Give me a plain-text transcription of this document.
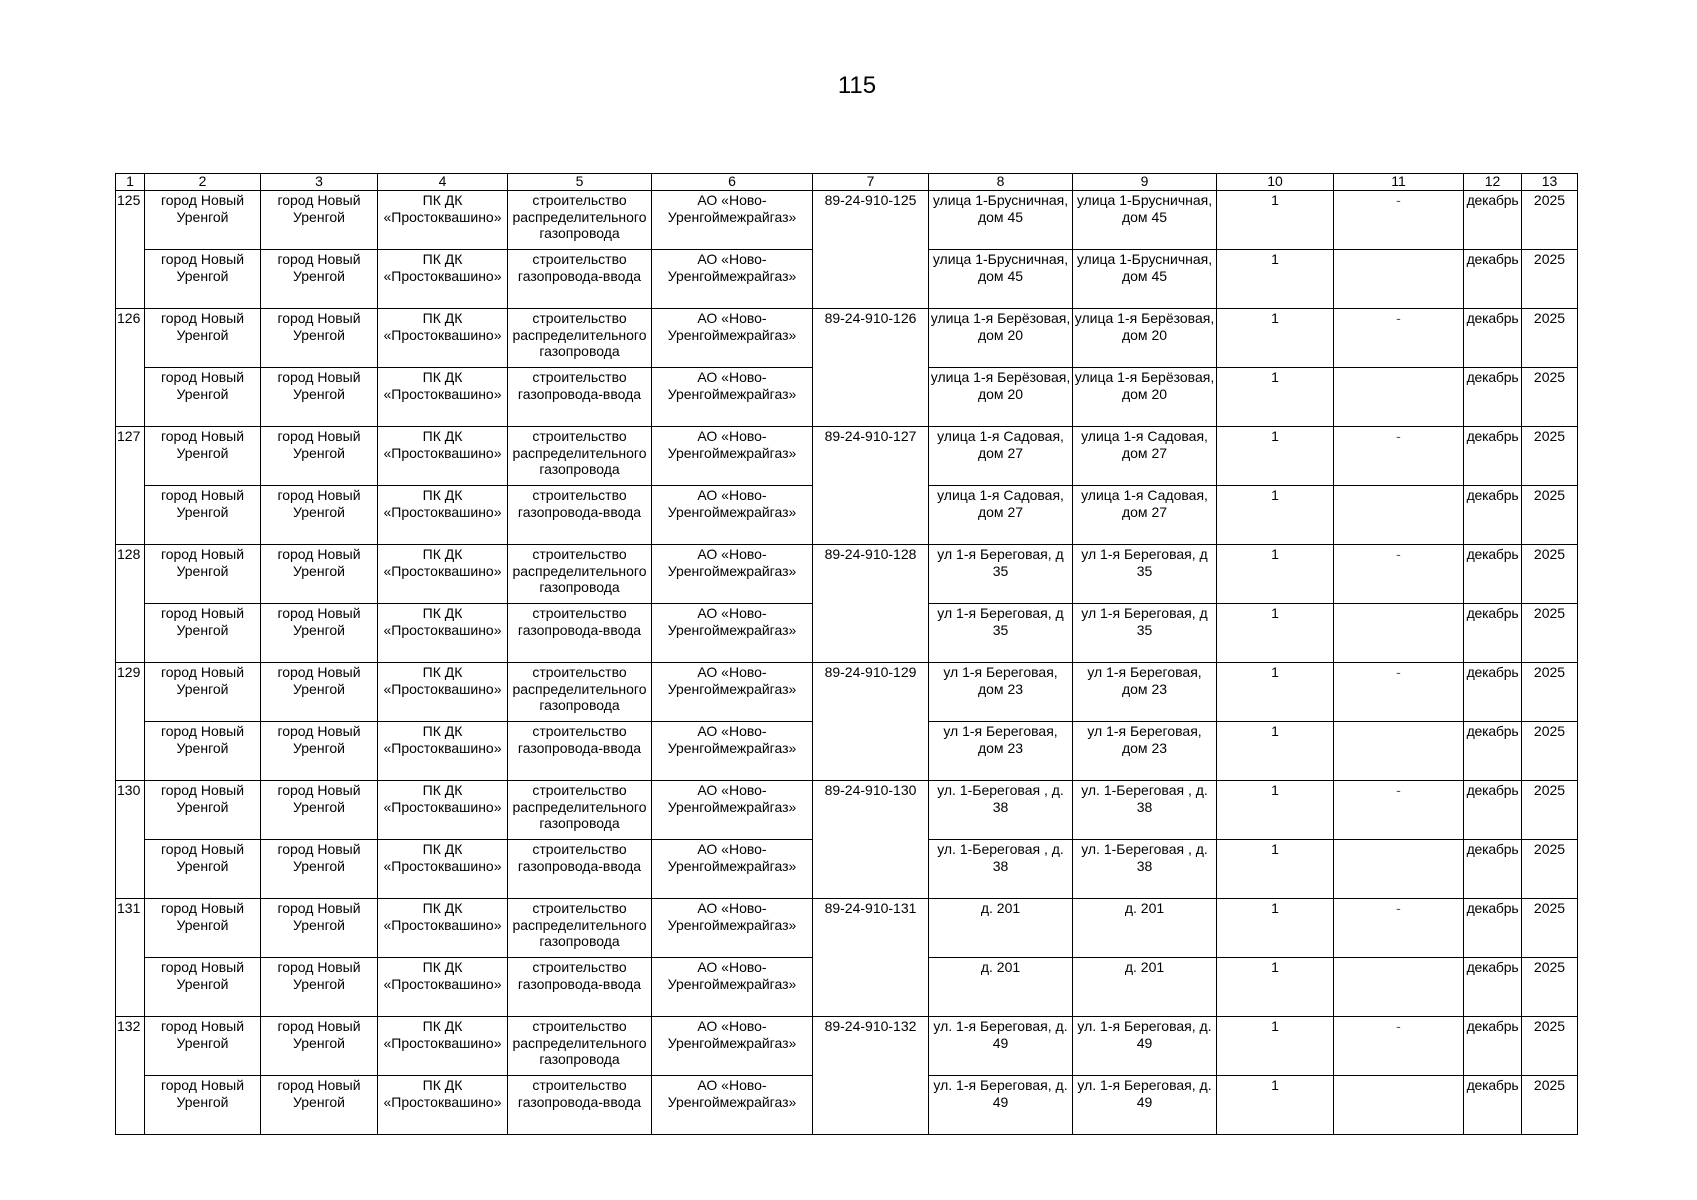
115
1	2	3	4	5	6	7	8	9	10	11	12	13
125	город Новый Уренгой	город Новый Уренгой	ПК ДК «Простоквашино»	строительство распределительного газопровода	АО «Ново-Уренгоймежрайгаз»	89-24-910-125	улица 1-Брусничная, дом 45	улица 1-Брусничная, дом 45	1	-	декабрь	2025
	город Новый Уренгой	город Новый Уренгой	ПК ДК «Простоквашино»	строительство газопровода-ввода	АО «Ново-Уренгоймежрайгаз»		улица 1-Брусничная, дом 45	улица 1-Брусничная, дом 45	1		декабрь	2025
126	город Новый Уренгой	город Новый Уренгой	ПК ДК «Простоквашино»	строительство распределительного газопровода	АО «Ново-Уренгоймежрайгаз»	89-24-910-126	улица 1-я Берёзовая, дом 20	улица 1-я Берёзовая, дом 20	1	-	декабрь	2025
	город Новый Уренгой	город Новый Уренгой	ПК ДК «Простоквашино»	строительство газопровода-ввода	АО «Ново-Уренгоймежрайгаз»		улица 1-я Берёзовая, дом 20	улица 1-я Берёзовая, дом 20	1		декабрь	2025
127	город Новый Уренгой	город Новый Уренгой	ПК ДК «Простоквашино»	строительство распределительного газопровода	АО «Ново-Уренгоймежрайгаз»	89-24-910-127	улица 1-я Садовая, дом 27	улица 1-я Садовая, дом 27	1	-	декабрь	2025
	город Новый Уренгой	город Новый Уренгой	ПК ДК «Простоквашино»	строительство газопровода-ввода	АО «Ново-Уренгоймежрайгаз»		улица 1-я Садовая, дом 27	улица 1-я Садовая, дом 27	1		декабрь	2025
128	город Новый Уренгой	город Новый Уренгой	ПК ДК «Простоквашино»	строительство распределительного газопровода	АО «Ново-Уренгоймежрайгаз»	89-24-910-128	ул 1-я Береговая, д 35	ул 1-я Береговая, д 35	1	-	декабрь	2025
	город Новый Уренгой	город Новый Уренгой	ПК ДК «Простоквашино»	строительство газопровода-ввода	АО «Ново-Уренгоймежрайгаз»		ул 1-я Береговая, д 35	ул 1-я Береговая, д 35	1		декабрь	2025
129	город Новый Уренгой	город Новый Уренгой	ПК ДК «Простоквашино»	строительство распределительного газопровода	АО «Ново-Уренгоймежрайгаз»	89-24-910-129	ул 1-я Береговая, дом 23	ул 1-я Береговая, дом 23	1	-	декабрь	2025
	город Новый Уренгой	город Новый Уренгой	ПК ДК «Простоквашино»	строительство газопровода-ввода	АО «Ново-Уренгоймежрайгаз»		ул 1-я Береговая, дом 23	ул 1-я Береговая, дом 23	1		декабрь	2025
130	город Новый Уренгой	город Новый Уренгой	ПК ДК «Простоквашино»	строительство распределительного газопровода	АО «Ново-Уренгоймежрайгаз»	89-24-910-130	ул. 1-Береговая , д. 38	ул. 1-Береговая , д. 38	1	-	декабрь	2025
	город Новый Уренгой	город Новый Уренгой	ПК ДК «Простоквашино»	строительство газопровода-ввода	АО «Ново-Уренгоймежрайгаз»		ул. 1-Береговая , д. 38	ул. 1-Береговая , д. 38	1		декабрь	2025
131	город Новый Уренгой	город Новый Уренгой	ПК ДК «Простоквашино»	строительство распределительного газопровода	АО «Ново-Уренгоймежрайгаз»	89-24-910-131	д. 201	д. 201	1	-	декабрь	2025
	город Новый Уренгой	город Новый Уренгой	ПК ДК «Простоквашино»	строительство газопровода-ввода	АО «Ново-Уренгоймежрайгаз»		д. 201	д. 201	1		декабрь	2025
132	город Новый Уренгой	город Новый Уренгой	ПК ДК «Простоквашино»	строительство распределительного газопровода	АО «Ново-Уренгоймежрайгаз»	89-24-910-132	ул. 1-я Береговая, д. 49	ул. 1-я Береговая, д. 49	1	-	декабрь	2025
	город Новый Уренгой	город Новый Уренгой	ПК ДК «Простоквашино»	строительство газопровода-ввода	АО «Ново-Уренгоймежрайгаз»		ул. 1-я Береговая, д. 49	ул. 1-я Береговая, д. 49	1		декабрь	2025
